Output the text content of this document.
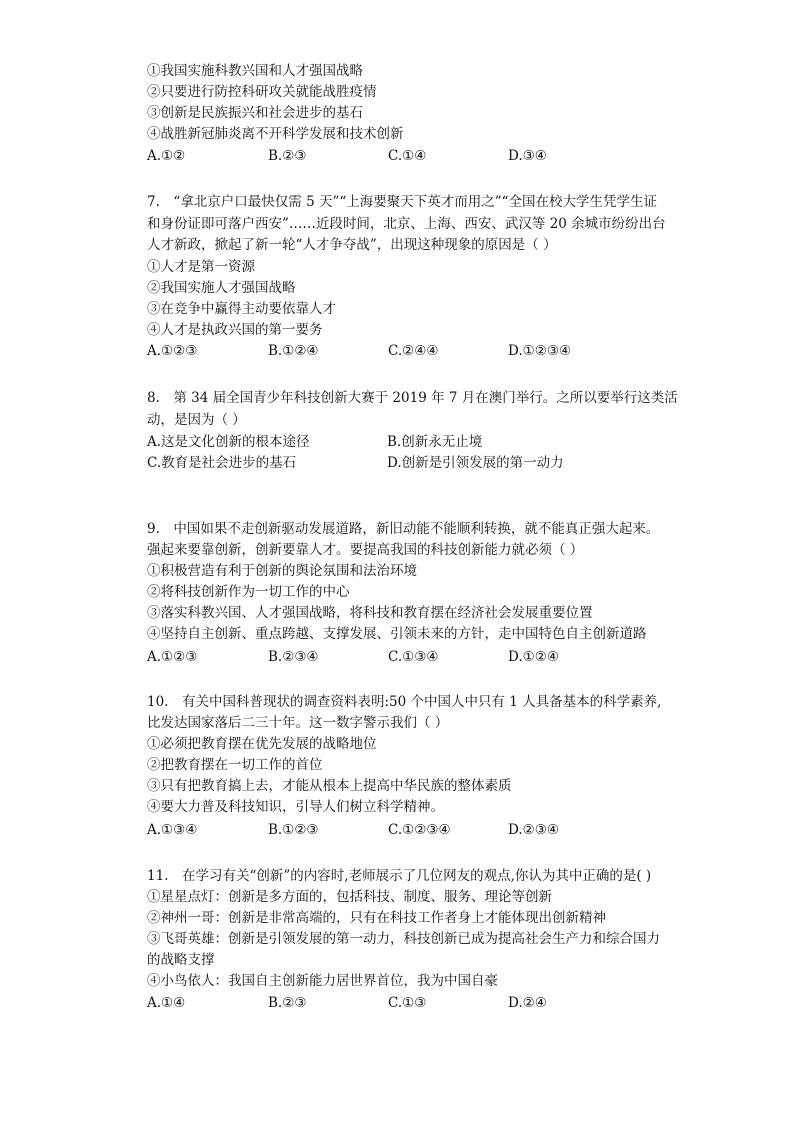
①我国实施科教兴国和人才强国战略
②只要进行防控科研攻关就能战胜疫情
③创新是民族振兴和社会进步的基石
④战胜新冠肺炎离不开科学发展和技术创新
A.①②	B.②③	C.①④	D.③④
7.　“拿北京户口最快仅需 5 天”“上海要聚天下英才而用之”“全国在校大学生凭学生证
和身份证即可落户西安”……近段时间，北京、上海、西安、武汉等 20 余城市纷纷出台
人才新政，掀起了新一轮“人才争夺战”，出现这种现象的原因是（ ）
①人才是第一资源
②我国实施人才强国战略
③在竞争中赢得主动要依靠人才
④人才是执政兴国的第一要务
A.①②③	B.①②④	C.②④④	D.①②③④
8.　第 34 届全国青少年科技创新大赛于 2019 年 7 月在澳门举行。之所以要举行这类活
动，是因为（ ）
A.这是文化创新的根本途径	B.创新永无止境
C.教育是社会进步的基石	D.创新是引领发展的第一动力
9.　中国如果不走创新驱动发展道路，新旧动能不能顺利转换，就不能真正强大起来。
强起来要靠创新，创新要靠人才。要提高我国的科技创新能力就必须（ ）
①积极营造有利于创新的舆论氛围和法治环境
②将科技创新作为一切工作的中心
③落实科教兴国、人才强国战略，将科技和教育摆在经济社会发展重要位置
④坚持自主创新、重点跨越、支撑发展、引领未来的方针，走中国特色自主创新道路
A.①②③	B.②③④	C.①③④	D.①②④
10.　有关中国科普现状的调查资料表明:50 个中国人中只有 1 人具备基本的科学素养,
比发达国家落后二三十年。这一数字警示我们（ ）
①必须把教育摆在优先发展的战略地位
②把教育摆在一切工作的首位
③只有把教育搞上去，才能从根本上提高中华民族的整体素质
④要大力普及科技知识，引导人们树立科学精神。
A.①③④	B.①②③	C.①②③④	D.②③④
11.　在学习有关“创新”的内容时,老师展示了几位网友的观点,你认为其中正确的是( )
①星星点灯：创新是多方面的，包括科技、制度、服务、理论等创新
②神州一哥：创新是非常高端的，只有在科技工作者身上才能体现出创新精神
③飞哥英雄：创新是引领发展的第一动力，科技创新已成为提高社会生产力和综合国力
的战略支撑
④小鸟依人：我国自主创新能力居世界首位，我为中国自豪
A.①④	B.②③	C.①③	D.②④
